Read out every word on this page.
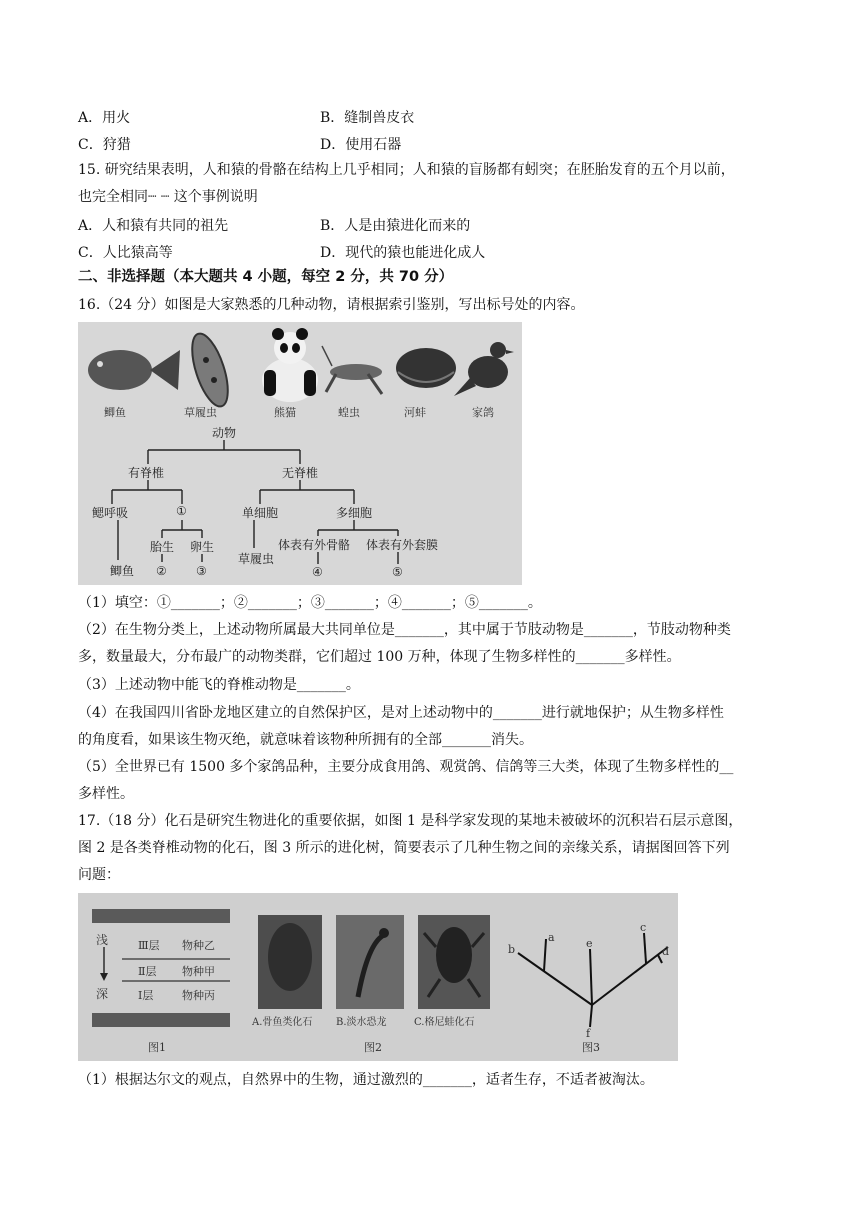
A．用火	B．缝制兽皮衣
C．狩猎	D．使用石器
15. 研究结果表明，人和猿的骨骼在结构上几乎相同；人和猿的盲肠都有蚓突；在胚胎发育的五个月以前，
也完全相同┈ ┈ 这个事例说明
A．人和猿有共同的祖先	B．人是由猿进化而来的
C．人比猿高等	D．现代的猿也能进化成人
二、非选择题（本大题共 4 小题，每空 2 分，共 70 分）
16.（24 分）如图是大家熟悉的几种动物，请根据索引鉴别，写出标号处的内容。
鲫鱼	草履虫	熊猫	蝗虫	河蚌	家鸽
动物
有脊椎	无脊椎
鳃呼吸	①
胎生 卵生
鲫鱼 ② ③
单细胞	多细胞
草履虫
体表有外骨骼 体表有外套膜
④	⑤
（1）填空：①_______；②_______；③_______；④_______；⑤_______。
（2）在生物分类上，上述动物所属最大共同单位是_______，其中属于节肢动物是_______，节肢动物种类
多，数量最大，分布最广的动物类群，它们超过 100 万种，体现了生物多样性的_______多样性。
（3）上述动物中能飞的脊椎动物是_______。
（4）在我国四川省卧龙地区建立的自然保护区，是对上述动物中的_______进行就地保护；从生物多样性
的角度看，如果该生物灭绝，就意味着该物种所拥有的全部_______消失。
（5）全世界已有 1500 多个家鸽品种，主要分成食用鸽、观赏鸽、信鸽等三大类，体现了生物多样性的__
多样性。
17.（18 分）化石是研究生物进化的重要依据，如图 1 是科学家发现的某地未被破坏的沉积岩石层示意图，
图 2 是各类脊椎动物的化石，图 3 所示的进化树，简要表示了几种生物之间的亲缘关系，请据图回答下列
问题：
浅
深
Ⅲ层 物种乙
Ⅱ层 物种甲
Ⅰ层	物种丙
A.骨鱼类化石 B.淡水恐龙	C.格尼蛙化石
图1	图2	图3
a
b
c
d
e
f
（1）根据达尔文的观点，自然界中的生物，通过激烈的_______，适者生存，不适者被淘汰。
